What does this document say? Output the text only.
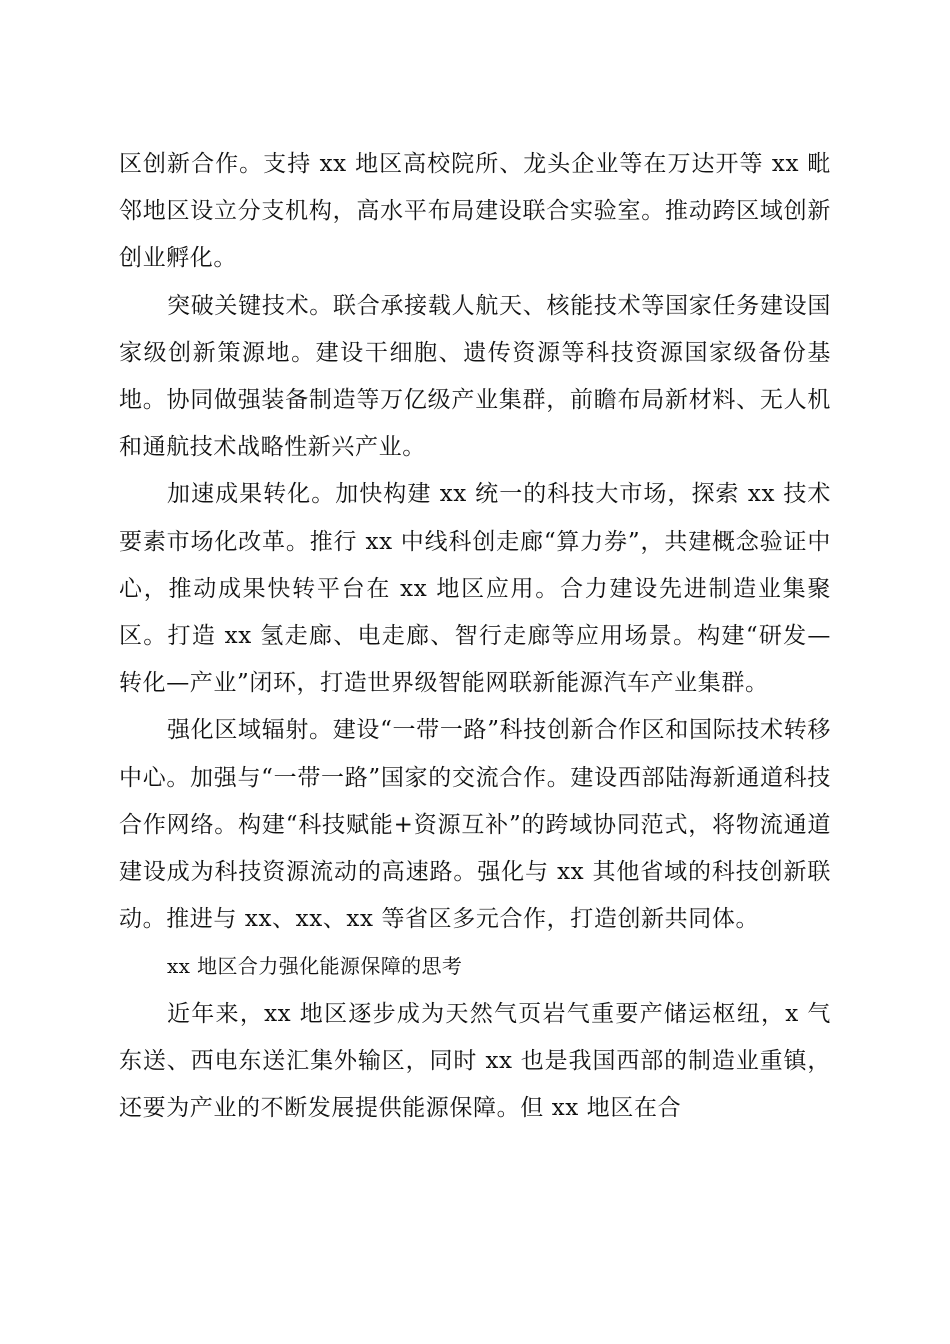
区创新合作。支持 xx 地区高校院所、龙头企业等在万达开等 xx 毗邻地区设立分支机构，高水平布局建设联合实验室。推动跨区域创新创业孵化。

突破关键技术。联合承接载人航天、核能技术等国家任务建设国家级创新策源地。建设干细胞、遗传资源等科技资源国家级备份基地。协同做强装备制造等万亿级产业集群，前瞻布局新材料、无人机和通航技术战略性新兴产业。

加速成果转化。加快构建 xx 统一的科技大市场，探索 xx 技术要素市场化改革。推行 xx 中线科创走廊“算力券”，共建概念验证中心，推动成果快转平台在 xx 地区应用。合力建设先进制造业集聚区。打造 xx 氢走廊、电走廊、智行走廊等应用场景。构建“研发—转化—产业”闭环，打造世界级智能网联新能源汽车产业集群。

强化区域辐射。建设“一带一路”科技创新合作区和国际技术转移中心。加强与“一带一路”国家的交流合作。建设西部陆海新通道科技合作网络。构建“科技赋能+资源互补”的跨域协同范式，将物流通道建设成为科技资源流动的高速路。强化与 xx 其他省域的科技创新联动。推进与 xx、xx、xx 等省区多元合作，打造创新共同体。

xx 地区合力强化能源保障的思考

近年来，xx 地区逐步成为天然气页岩气重要产储运枢纽，x 气东送、西电东送汇集外输区，同时 xx 也是我国西部的制造业重镇，还要为产业的不断发展提供能源保障。但 xx 地区在合
